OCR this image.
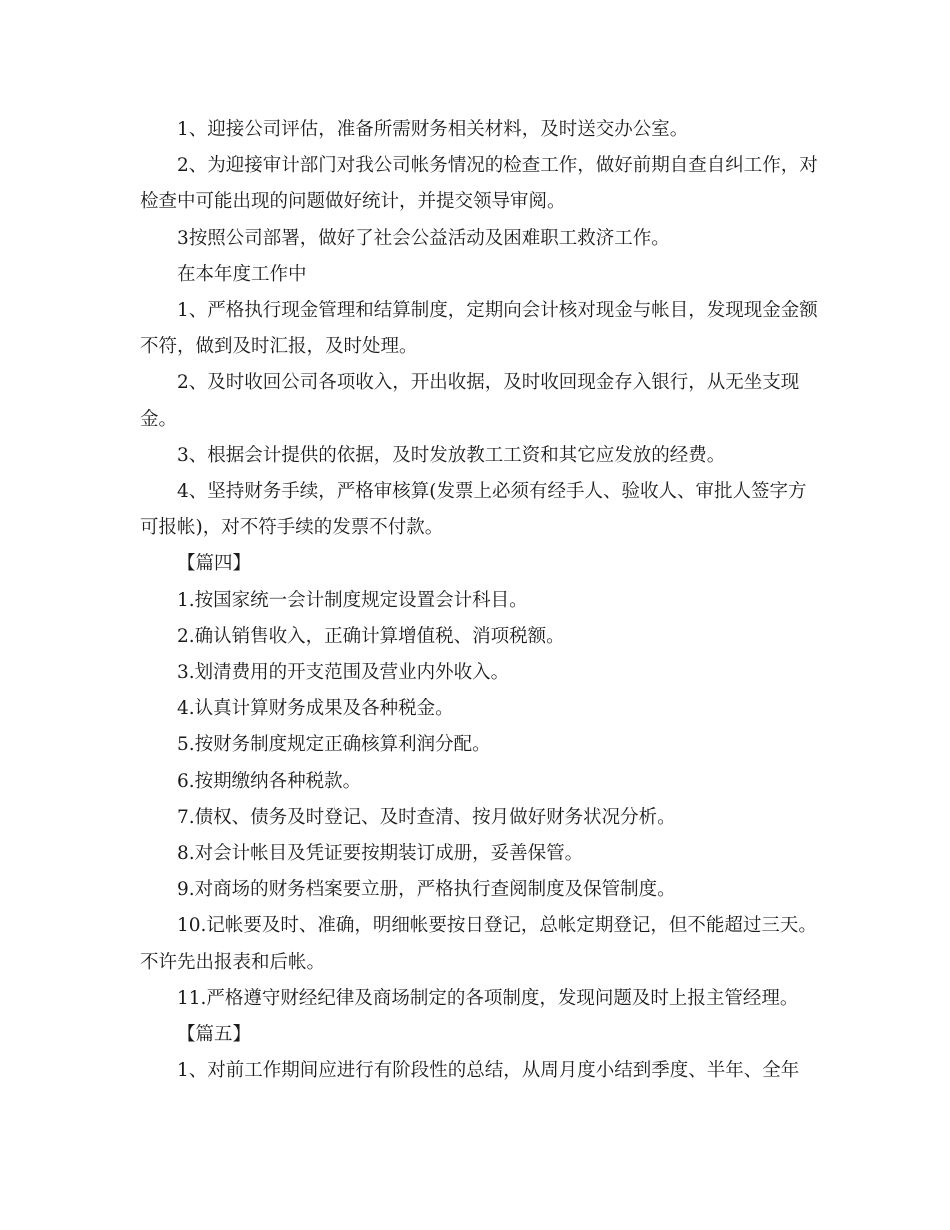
1、迎接公司评估，准备所需财务相关材料，及时送交办公室。

2、为迎接审计部门对我公司帐务情况的检查工作，做好前期自查自纠工作，对检查中可能出现的问题做好统计，并提交领导审阅。

3按照公司部署，做好了社会公益活动及困难职工救济工作。

在本年度工作中

1、严格执行现金管理和结算制度，定期向会计核对现金与帐目，发现现金金额不符，做到及时汇报，及时处理。

2、及时收回公司各项收入，开出收据，及时收回现金存入银行，从无坐支现金。

3、根据会计提供的依据，及时发放教工工资和其它应发放的经费。

4、坚持财务手续，严格审核算(发票上必须有经手人、验收人、审批人签字方可报帐)，对不符手续的发票不付款。

【篇四】

1.按国家统一会计制度规定设置会计科目。

2.确认销售收入，正确计算增值税、消项税额。

3.划清费用的开支范围及营业内外收入。

4.认真计算财务成果及各种税金。

5.按财务制度规定正确核算利润分配。

6.按期缴纳各种税款。

7.债权、债务及时登记、及时查清、按月做好财务状况分析。

8.对会计帐目及凭证要按期装订成册，妥善保管。

9.对商场的财务档案要立册，严格执行查阅制度及保管制度。

10.记帐要及时、准确，明细帐要按日登记，总帐定期登记，但不能超过三天。不许先出报表和后帐。

11.严格遵守财经纪律及商场制定的各项制度，发现问题及时上报主管经理。

【篇五】

1、对前工作期间应进行有阶段性的总结，从周月度小结到季度、半年、全年
